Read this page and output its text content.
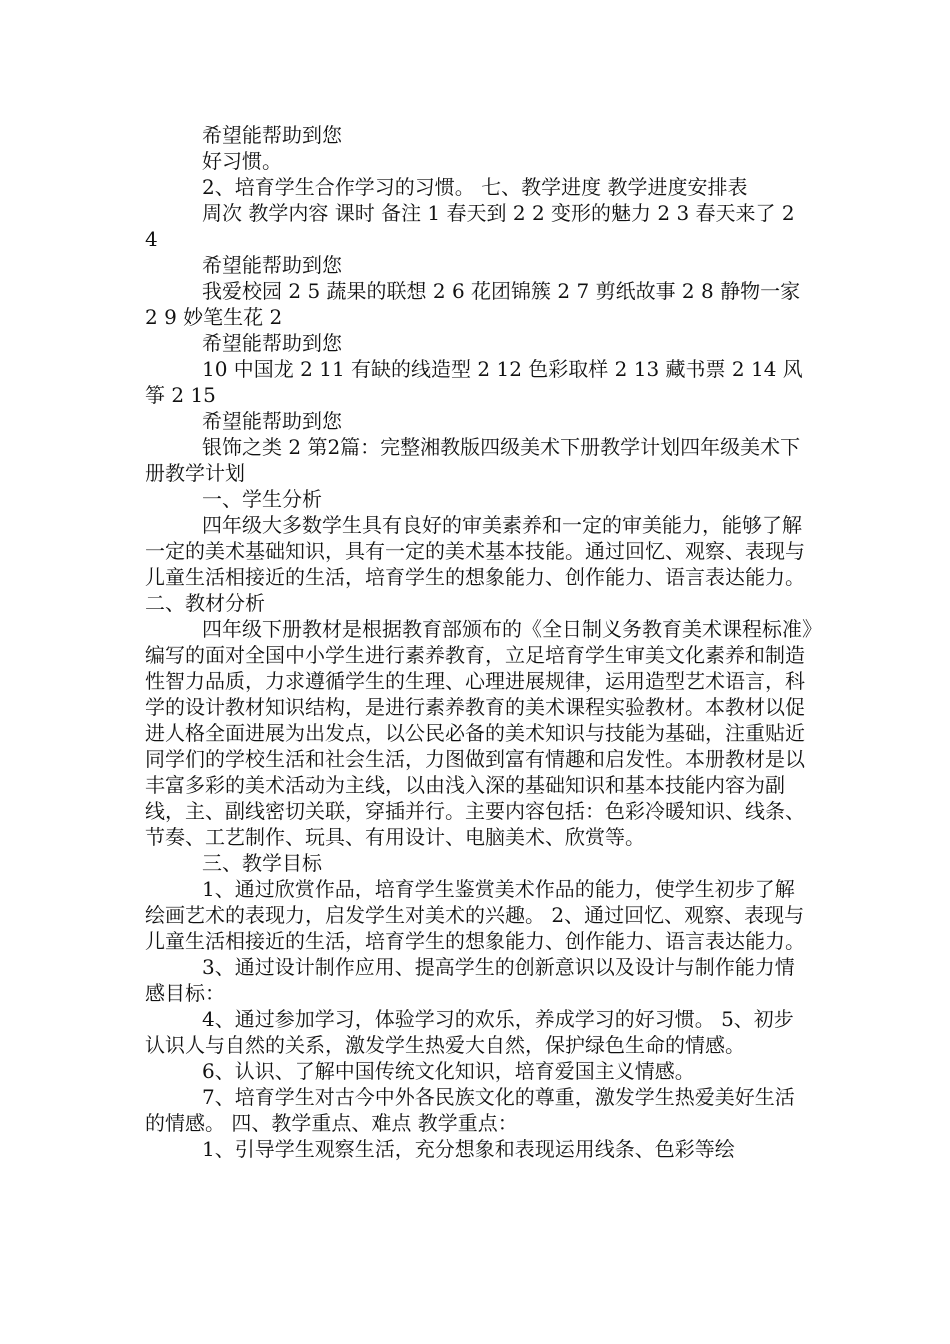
希望能帮助到您

好习惯。

2、培育学生合作学习的习惯。 七、教学进度 教学进度安排表

周次 教学内容 课时 备注 1 春天到 2 2 变形的魅力 2 3 春天来了 2 4

希望能帮助到您

我爱校园 2 5 蔬果的联想 2 6 花团锦簇 2 7 剪纸故事 2 8 静物一家 2 9 妙笔生花 2

希望能帮助到您

10 中国龙 2 11 有缺的线造型 2 12 色彩取样 2 13 藏书票 2 14 风筝 2 15

希望能帮助到您

银饰之类 2 第2篇：完整湘教版四级美术下册教学计划四年级美术下册教学计划

一、学生分析

四年级大多数学生具有良好的审美素养和一定的审美能力，能够了解一定的美术基础知识，具有一定的美术基本技能。通过回忆、观察、表现与儿童生活相接近的生活，培育学生的想象能力、创作能力、语言表达能力。 二、教材分析

四年级下册教材是根据教育部颁布的《全日制义务教育美术课程标准》编写的面对全国中小学生进行素养教育，立足培育学生审美文化素养和制造性智力品质，力求遵循学生的生理、心理进展规律，运用造型艺术语言，科学的设计教材知识结构，是进行素养教育的美术课程实验教材。本教材以促进人格全面进展为出发点，以公民必备的美术知识与技能为基础，注重贴近同学们的学校生活和社会生活，力图做到富有情趣和启发性。本册教材是以丰富多彩的美术活动为主线，以由浅入深的基础知识和基本技能内容为副线，主、副线密切关联，穿插并行。主要内容包括：色彩冷暖知识、线条、节奏、工艺制作、玩具、有用设计、电脑美术、欣赏等。

三、教学目标

1、通过欣赏作品，培育学生鉴赏美术作品的能力，使学生初步了解绘画艺术的表现力，启发学生对美术的兴趣。 2、通过回忆、观察、表现与儿童生活相接近的生活，培育学生的想象能力、创作能力、语言表达能力。

3、通过设计制作应用、提高学生的创新意识以及设计与制作能力情感目标：

4、通过参加学习，体验学习的欢乐，养成学习的好习惯。 5、初步认识人与自然的关系，激发学生热爱大自然，保护绿色生命的情感。

6、认识、了解中国传统文化知识，培育爱国主义情感。

7、培育学生对古今中外各民族文化的尊重，激发学生热爱美好生活的情感。 四、教学重点、难点 教学重点：

1、引导学生观察生活，充分想象和表现运用线条、色彩等绘
